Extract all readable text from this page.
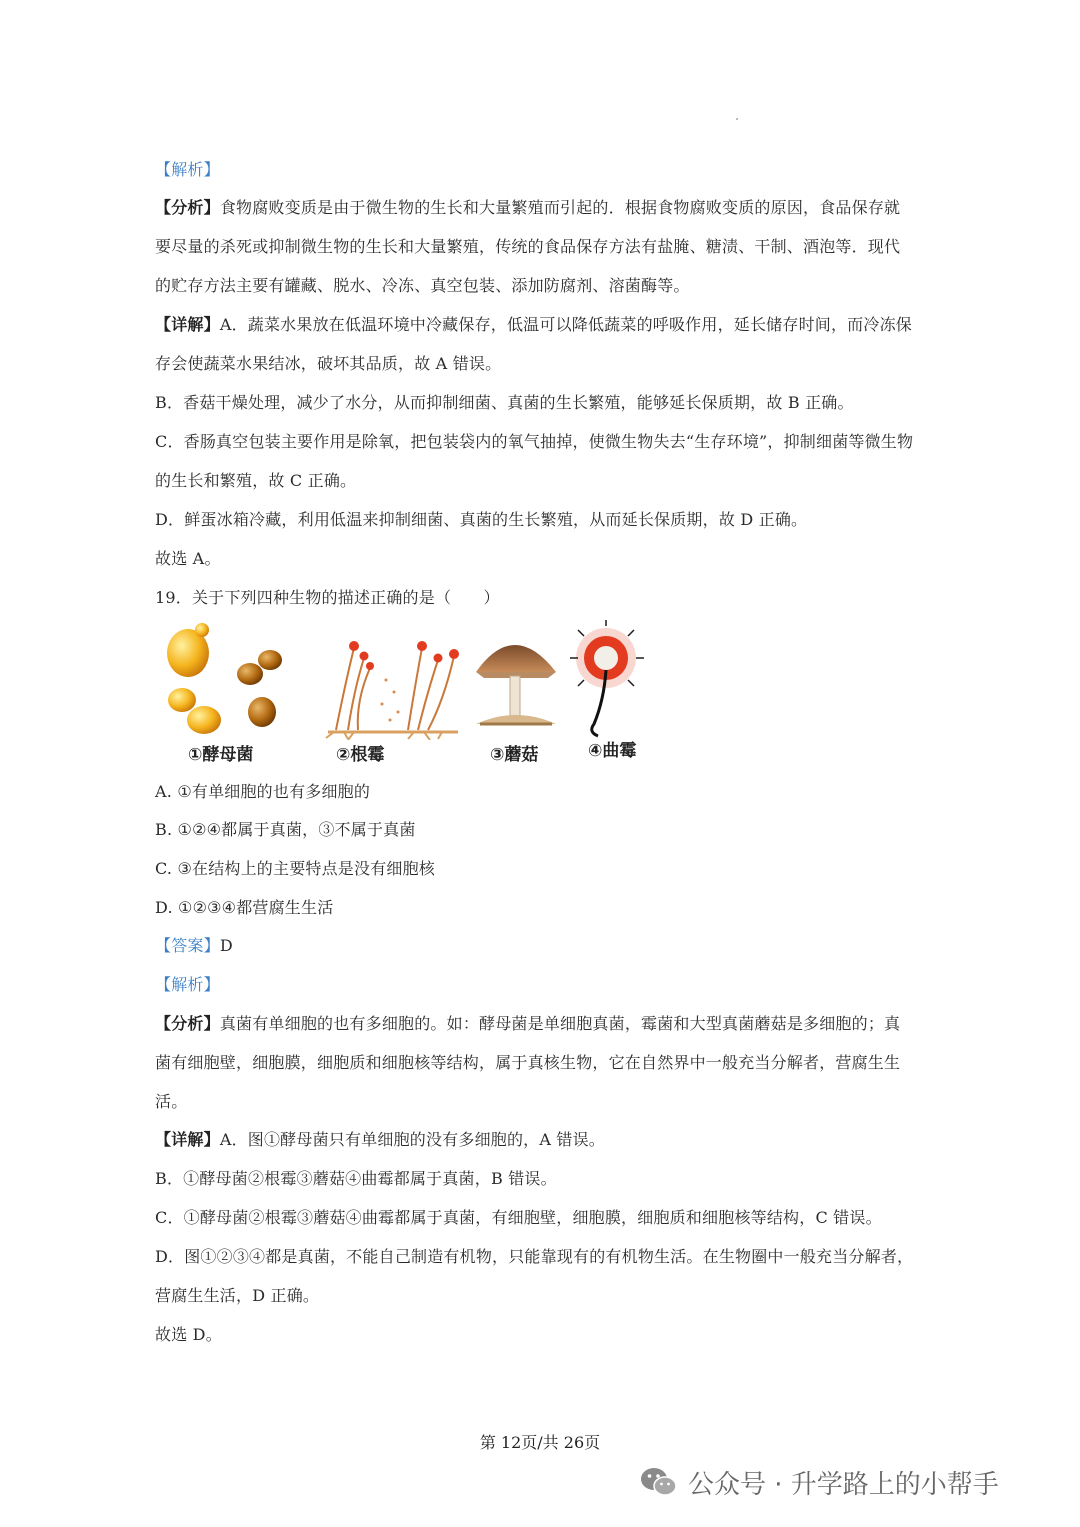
【解析】
【分析】食物腐败变质是由于微生物的生长和大量繁殖而引起的．根据食物腐败变质的原因，食品保存就
要尽量的杀死或抑制微生物的生长和大量繁殖，传统的食品保存方法有盐腌、糖渍、干制、酒泡等．现代
的贮存方法主要有罐藏、脱水、冷冻、真空包装、添加防腐剂、溶菌酶等。
【详解】A．蔬菜水果放在低温环境中冷藏保存，低温可以降低蔬菜的呼吸作用，延长储存时间，而冷冻保
存会使蔬菜水果结冰，破坏其品质，故 A 错误。
B．香菇干燥处理，减少了水分，从而抑制细菌、真菌的生长繁殖，能够延长保质期，故 B 正确。
C．香肠真空包装主要作用是除氧，把包装袋内的氧气抽掉，使微生物失去“生存环境”，抑制细菌等微生物
的生长和繁殖，故 C 正确。
D．鲜蛋冰箱冷藏，利用低温来抑制细菌、真菌的生长繁殖，从而延长保质期，故 D 正确。
故选 A。
19．关于下列四种生物的描述正确的是（　　）
①酵母菌	②根霉	③蘑菇	④曲霉
A. ①有单细胞的也有多细胞的
B. ①②④都属于真菌，③不属于真菌
C. ③在结构上的主要特点是没有细胞核
D. ①②③④都营腐生生活
【答案】D
【解析】
【分析】真菌有单细胞的也有多细胞的。如：酵母菌是单细胞真菌，霉菌和大型真菌蘑菇是多细胞的；真
菌有细胞壁，细胞膜，细胞质和细胞核等结构，属于真核生物，它在自然界中一般充当分解者，营腐生生
活。
【详解】A．图①酵母菌只有单细胞的没有多细胞的，A 错误。
B．①酵母菌②根霉③蘑菇④曲霉都属于真菌，B 错误。
C．①酵母菌②根霉③蘑菇④曲霉都属于真菌，有细胞壁，细胞膜，细胞质和细胞核等结构，C 错误。
D．图①②③④都是真菌，不能自己制造有机物，只能靠现有的有机物生活。在生物圈中一般充当分解者，
营腐生生活，D 正确。
故选 D。
第 12页/共 26页
公众号 · 升学路上的小帮手
